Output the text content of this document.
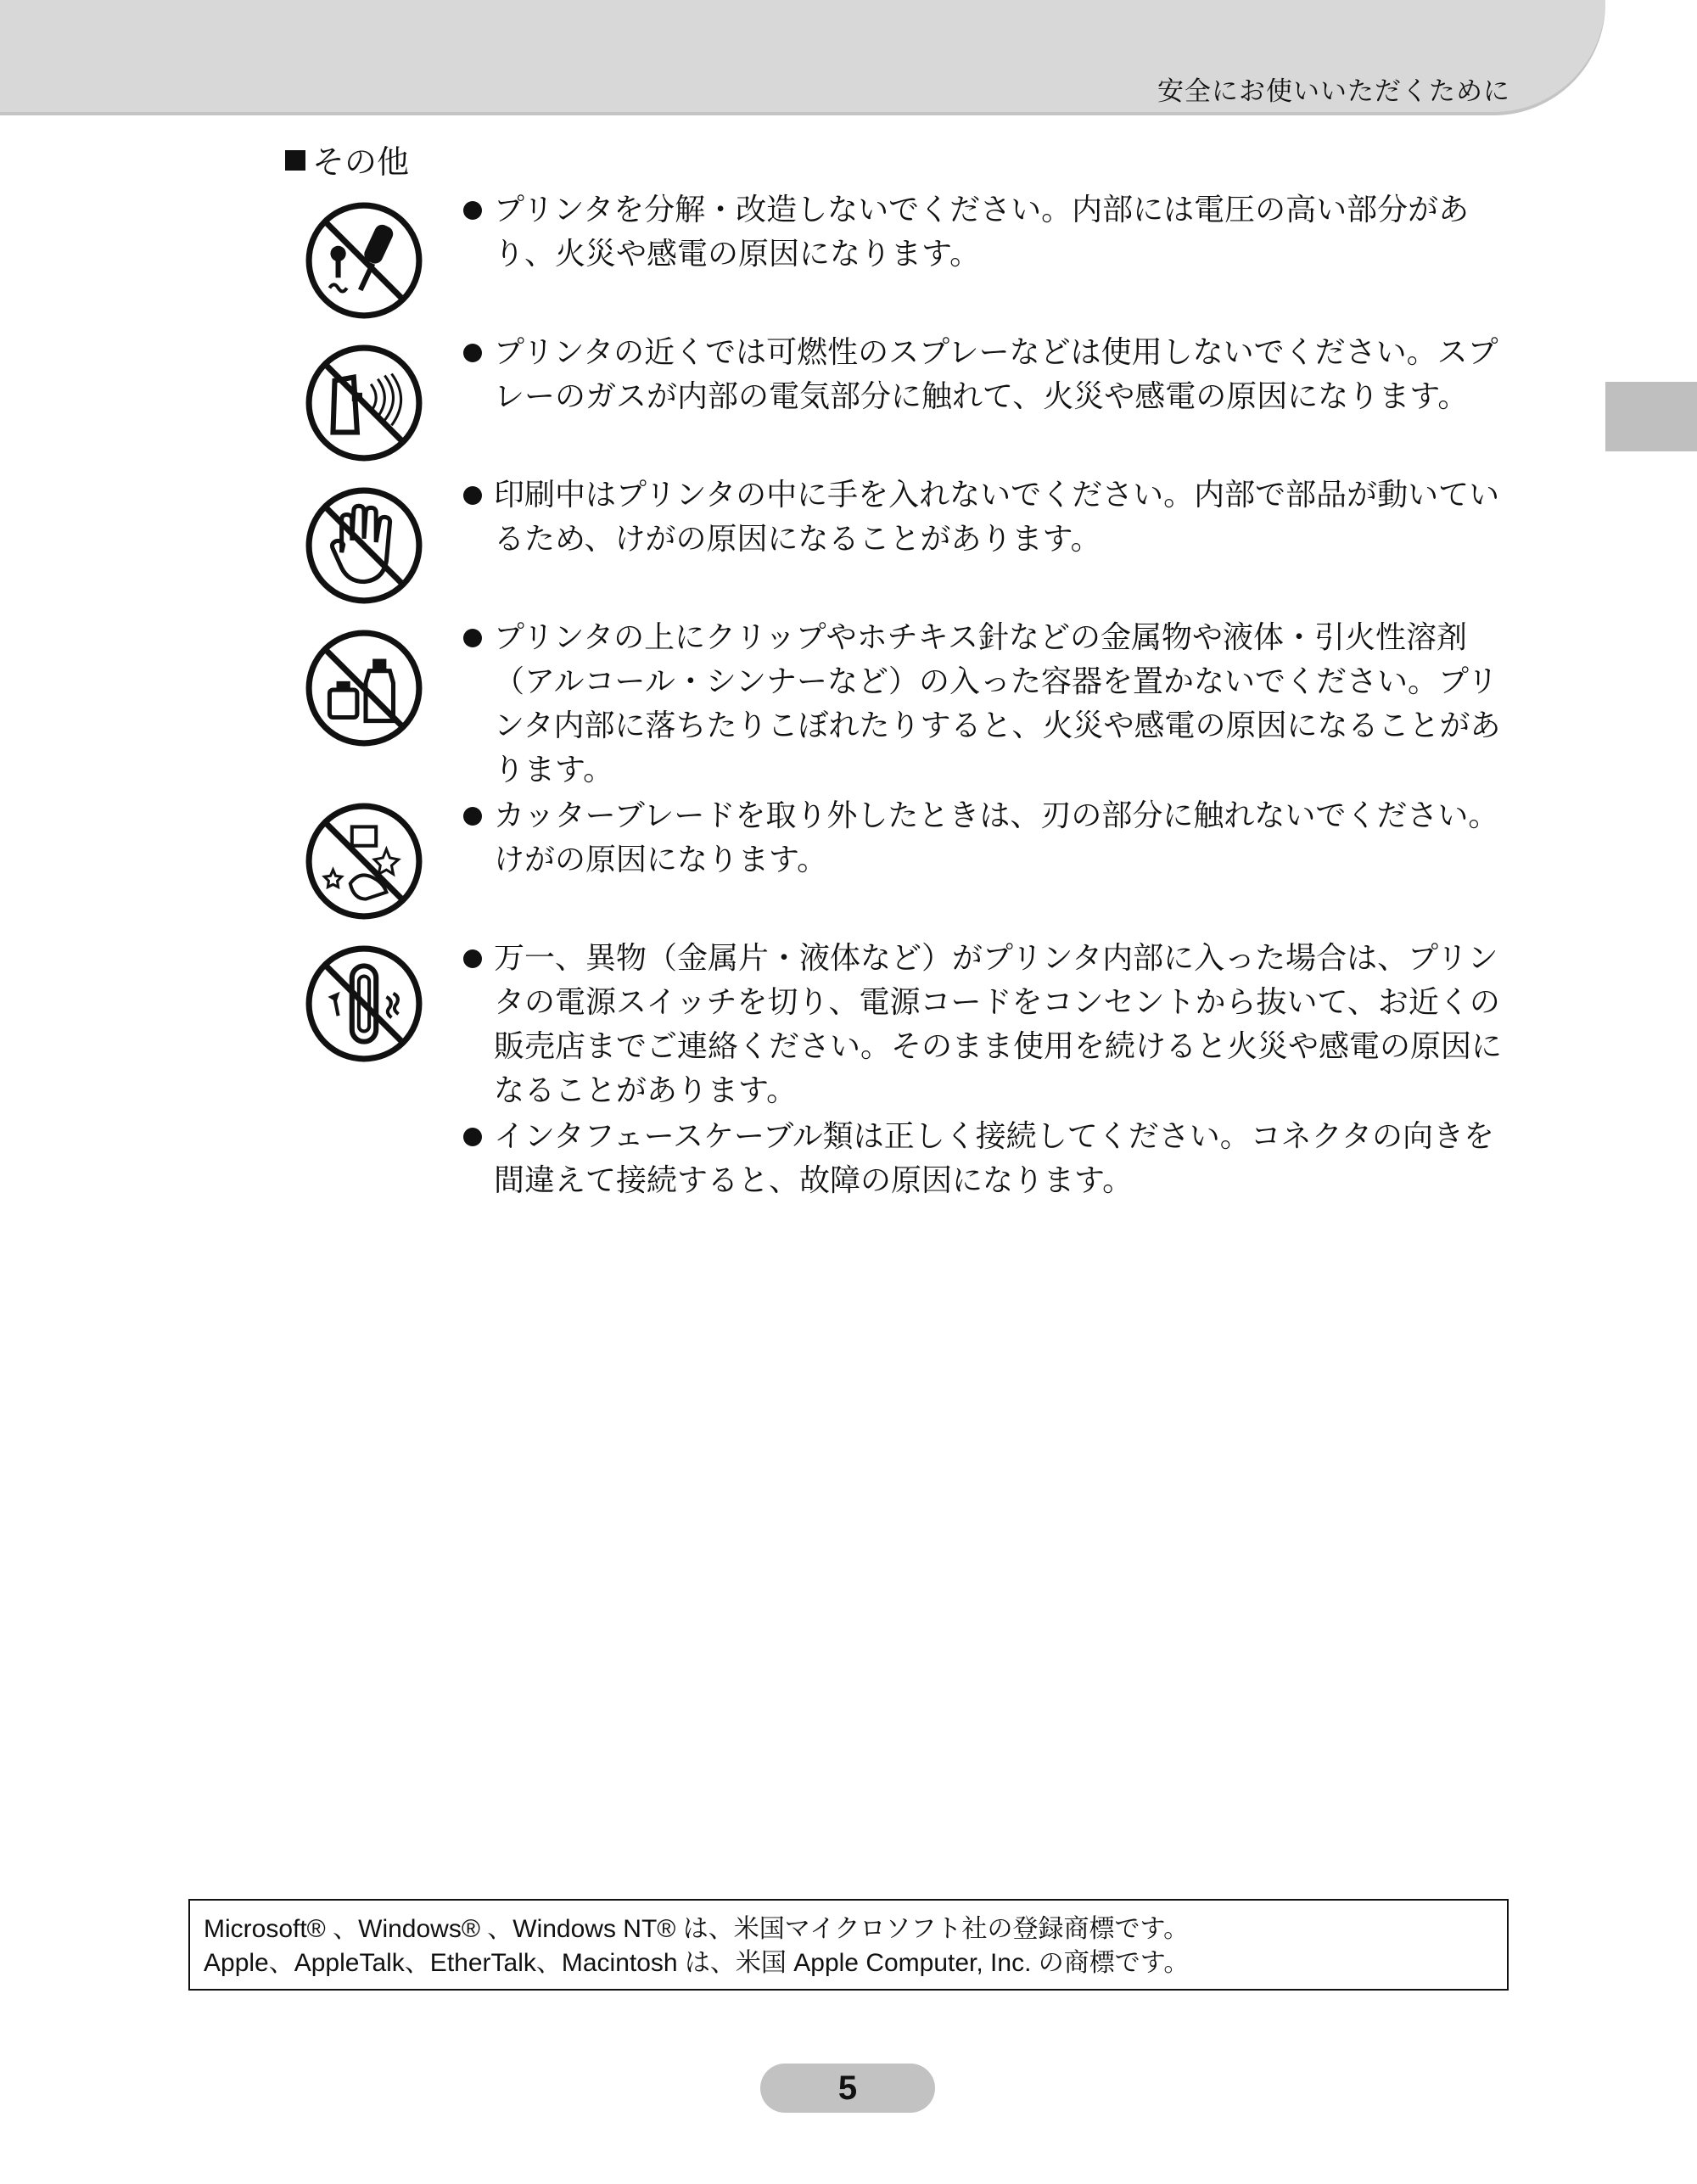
安全にお使いいただくために
その他
プリンタを分解・改造しないでください。内部には電圧の高い部分があり、火災や感電の原因になります。
プリンタの近くでは可燃性のスプレーなどは使用しないでください。スプレーのガスが内部の電気部分に触れて、火災や感電の原因になります。
印刷中はプリンタの中に手を入れないでください。内部で部品が動いているため、けがの原因になることがあります。
プリンタの上にクリップやホチキス針などの金属物や液体・引火性溶剤（アルコール・シンナーなど）の入った容器を置かないでください。プリンタ内部に落ちたりこぼれたりすると、火災や感電の原因になることがあります。
カッターブレードを取り外したときは、刃の部分に触れないでください。けがの原因になります。
万一、異物（金属片・液体など）がプリンタ内部に入った場合は、プリンタの電源スイッチを切り、電源コードをコンセントから抜いて、お近くの販売店までご連絡ください。そのまま使用を続けると火災や感電の原因になることがあります。
インタフェースケーブル類は正しく接続してください。コネクタの向きを間違えて接続すると、故障の原因になります。
Microsoft® 、Windows® 、Windows NT® は、米国マイクロソフト社の登録商標です。
Apple、AppleTalk、EtherTalk、Macintosh は、米国 Apple Computer, Inc. の商標です。
5
